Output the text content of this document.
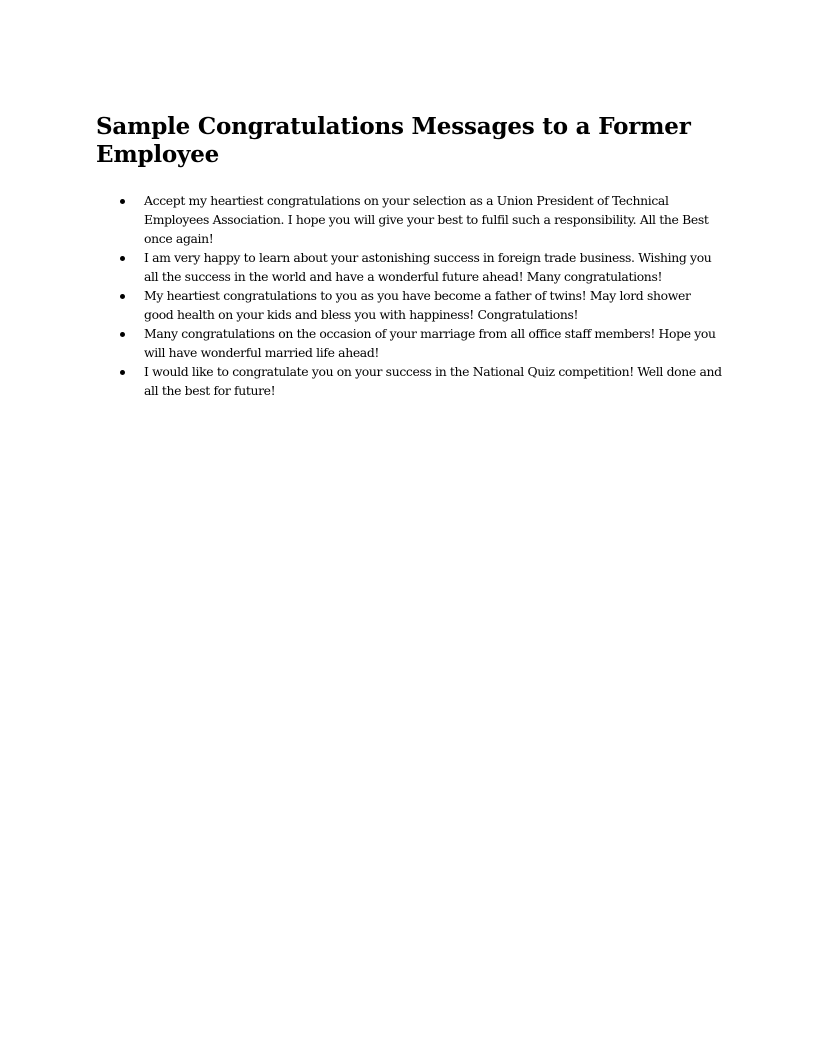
Sample Congratulations Messages to a Former Employee
Accept my heartiest congratulations on your selection as a Union President of Technical Employees Association. I hope you will give your best to fulfil such a responsibility. All the Best once again!
I am very happy to learn about your astonishing success in foreign trade business. Wishing you all the success in the world and have a wonderful future ahead! Many congratulations!
My heartiest congratulations to you as you have become a father of twins! May lord shower good health on your kids and bless you with happiness! Congratulations!
Many congratulations on the occasion of your marriage from all office staff members! Hope you will have wonderful married life ahead!
I would like to congratulate you on your success in the National Quiz competition! Well done and all the best for future!
